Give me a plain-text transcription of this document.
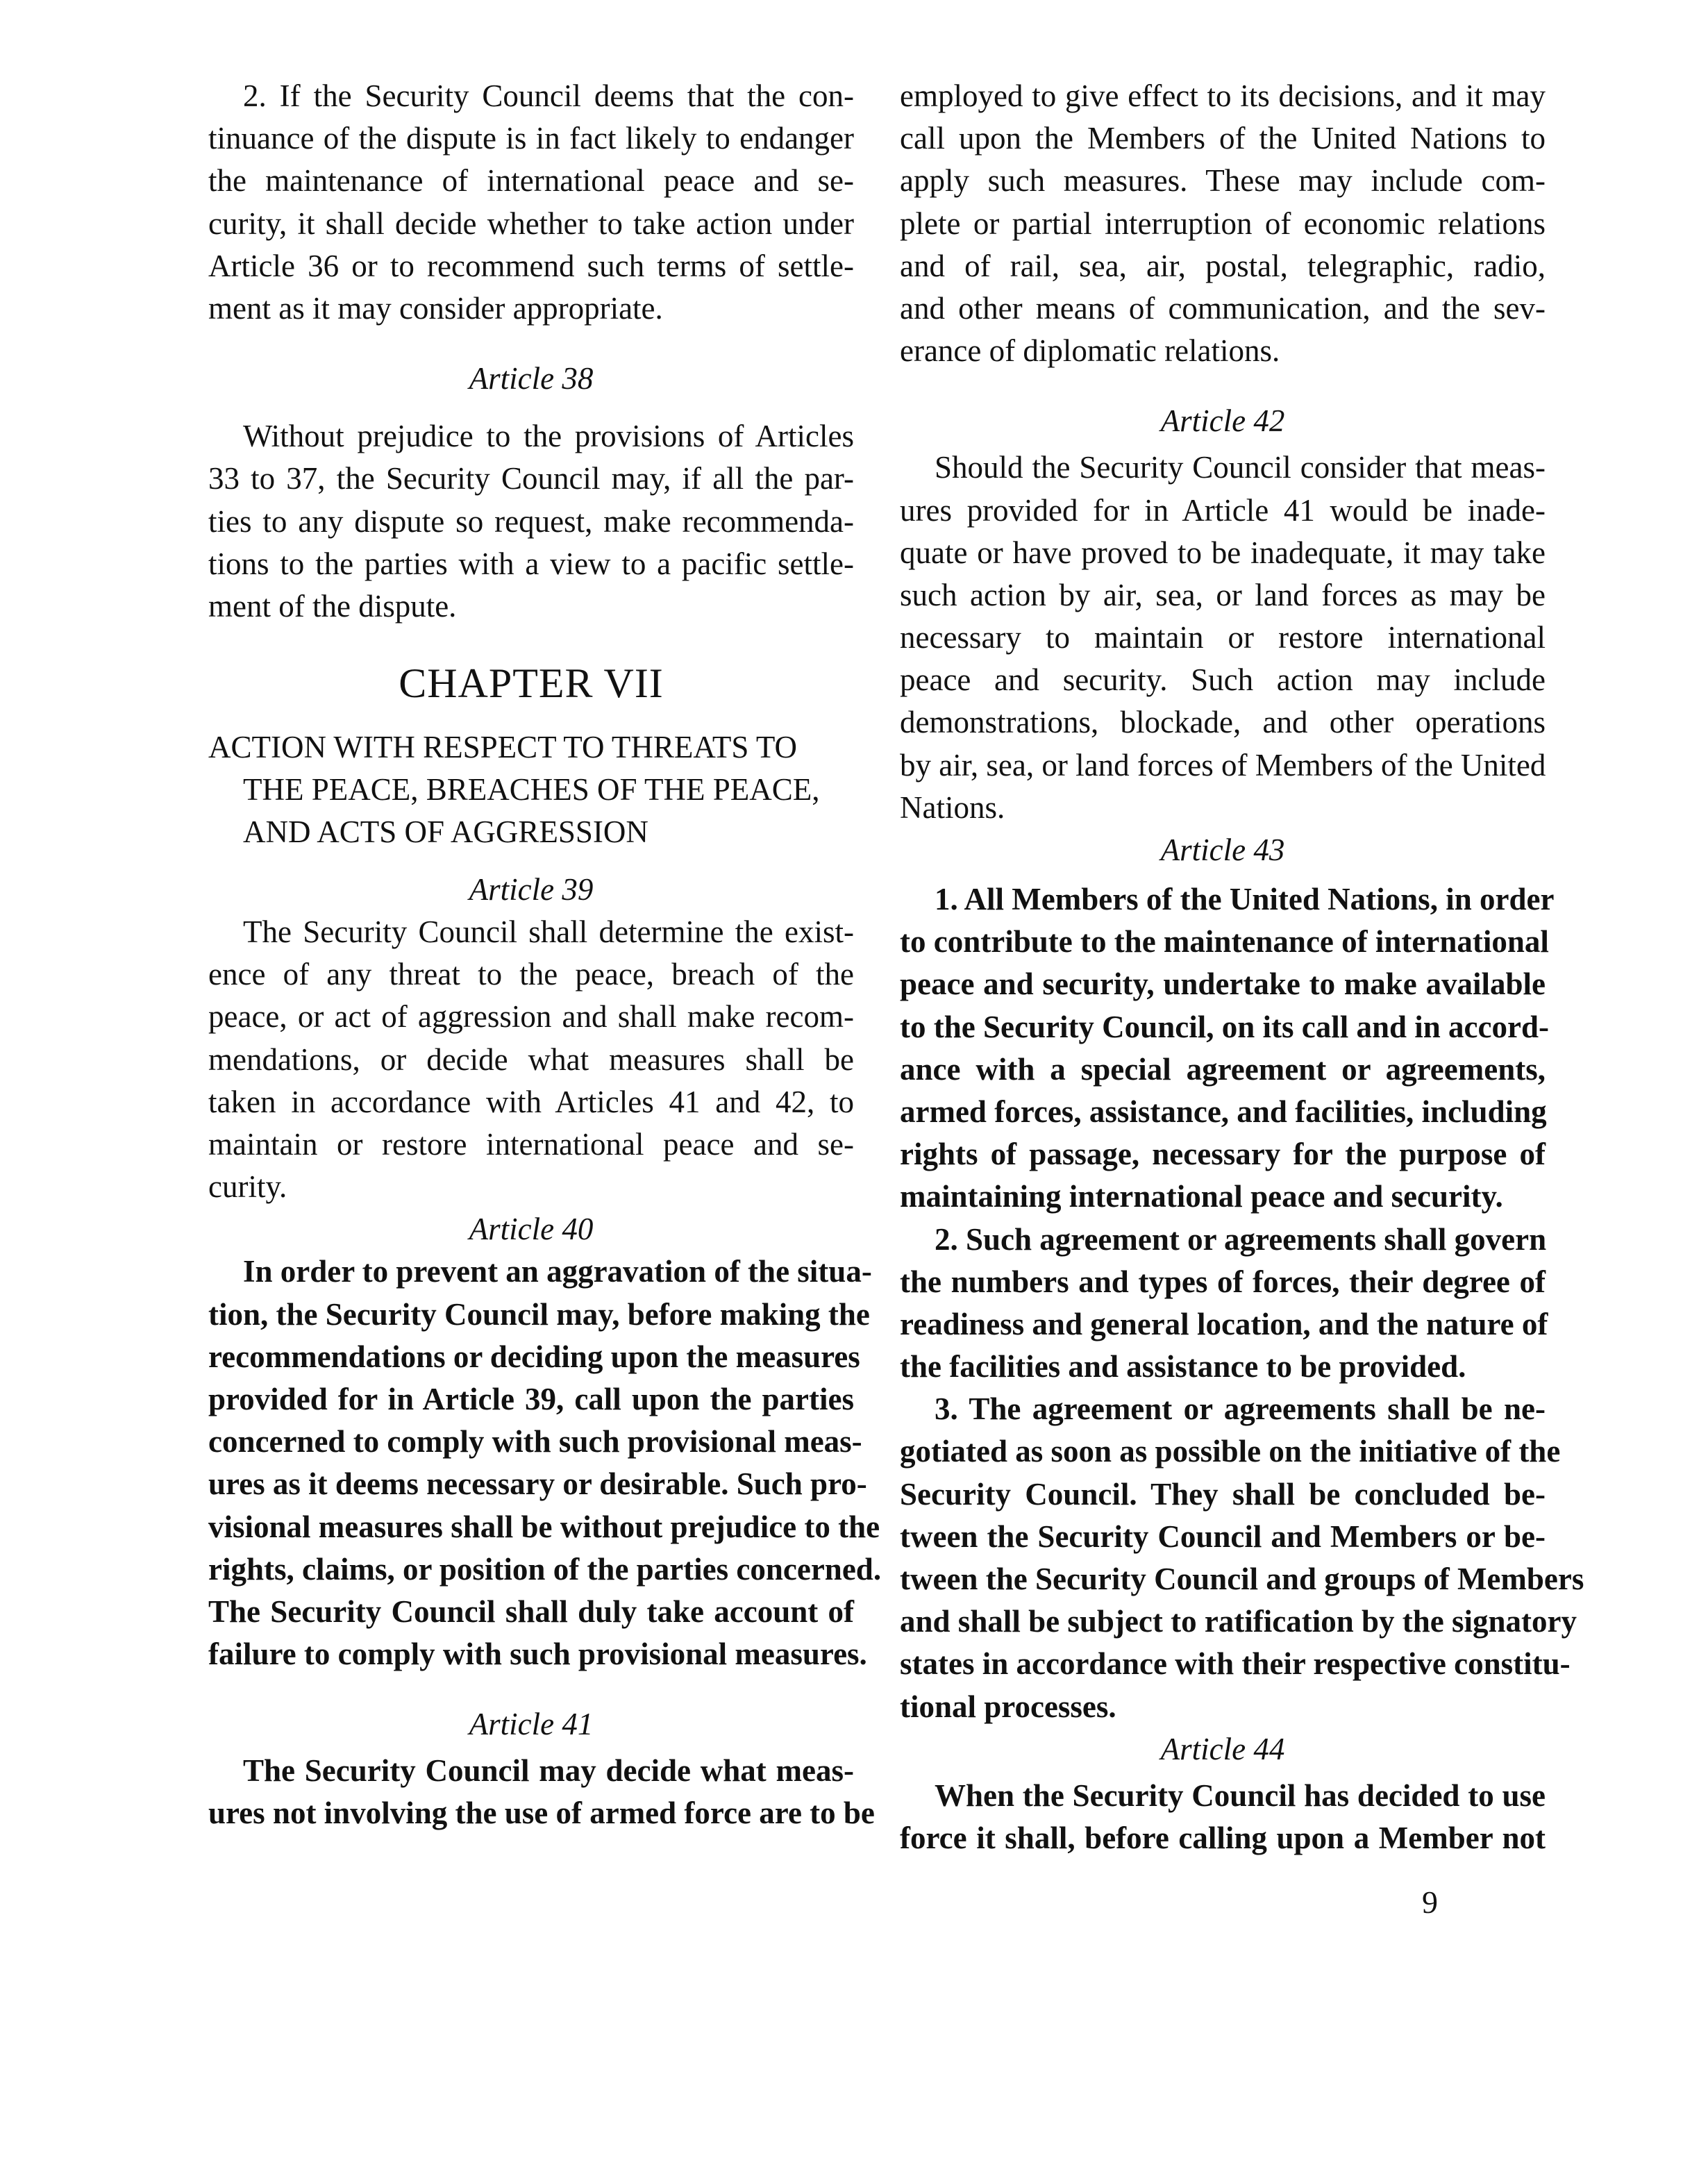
2. If the Security Council deems that the con-
tinuance of the dispute is in fact likely to endanger
the maintenance of international peace and se-
curity, it shall decide whether to take action under
Article 36 or to recommend such terms of settle-
ment as it may consider appropriate.
Article 38
Without prejudice to the provisions of Articles
33 to 37, the Security Council may, if all the par-
ties to any dispute so request, make recommenda-
tions to the parties with a view to a pacific settle-
ment of the dispute.
CHAPTER VII
ACTION WITH RESPECT TO THREATS TO
THE PEACE, BREACHES OF THE PEACE,
AND ACTS OF AGGRESSION
Article 39
The Security Council shall determine the exist-
ence of any threat to the peace, breach of the
peace, or act of aggression and shall make recom-
mendations, or decide what measures shall be
taken in accordance with Articles 41 and 42, to
maintain or restore international peace and se-
curity.
Article 40
In order to prevent an aggravation of the situa-
tion, the Security Council may, before making the
recommendations or deciding upon the measures
provided for in Article 39, call upon the parties
concerned to comply with such provisional meas-
ures as it deems necessary or desirable. Such pro-
visional measures shall be without prejudice to the
rights, claims, or position of the parties concerned.
The Security Council shall duly take account of
failure to comply with such provisional measures.
Article 41
The Security Council may decide what meas-
ures not involving the use of armed force are to be
employed to give effect to its decisions, and it may
call upon the Members of the United Nations to
apply such measures. These may include com-
plete or partial interruption of economic relations
and of rail, sea, air, postal, telegraphic, radio,
and other means of communication, and the sev-
erance of diplomatic relations.
Article 42
Should the Security Council consider that meas-
ures provided for in Article 41 would be inade-
quate or have proved to be inadequate, it may take
such action by air, sea, or land forces as may be
necessary to maintain or restore international
peace and security. Such action may include
demonstrations, blockade, and other operations
by air, sea, or land forces of Members of the United
Nations.
Article 43
1. All Members of the United Nations, in order
to contribute to the maintenance of international
peace and security, undertake to make available
to the Security Council, on its call and in accord-
ance with a special agreement or agreements,
armed forces, assistance, and facilities, including
rights of passage, necessary for the purpose of
maintaining international peace and security.
2. Such agreement or agreements shall govern
the numbers and types of forces, their degree of
readiness and general location, and the nature of
the facilities and assistance to be provided.
3. The agreement or agreements shall be ne-
gotiated as soon as possible on the initiative of the
Security Council. They shall be concluded be-
tween the Security Council and Members or be-
tween the Security Council and groups of Members
and shall be subject to ratification by the signatory
states in accordance with their respective constitu-
tional processes.
Article 44
When the Security Council has decided to use
force it shall, before calling upon a Member not
9
